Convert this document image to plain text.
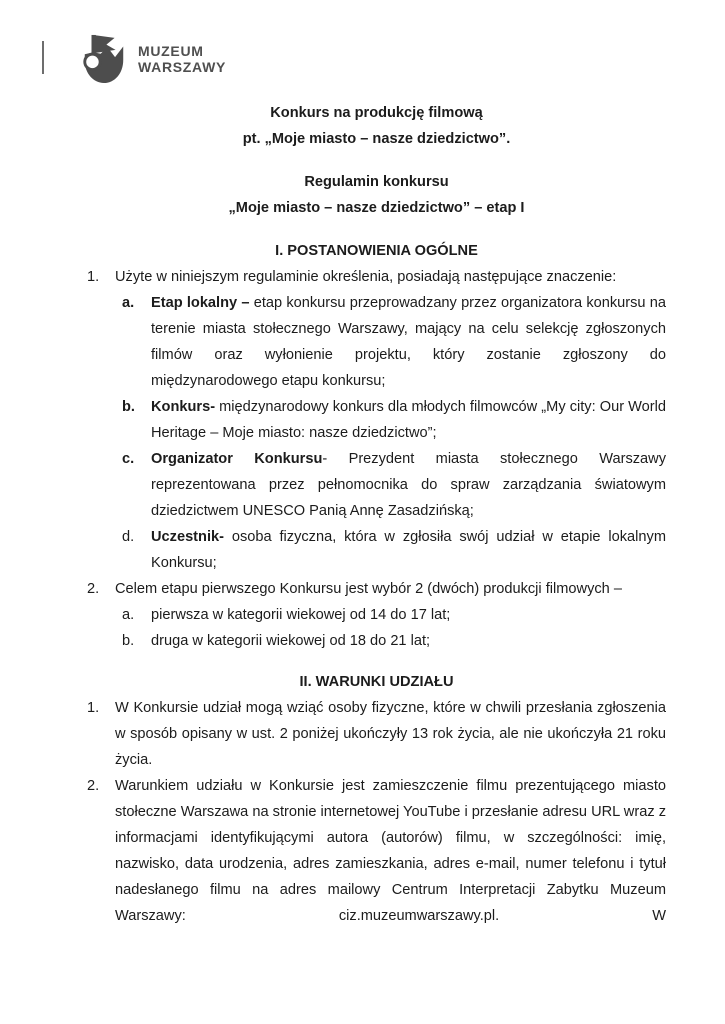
MUZEUM
WARSZAWY

Konkurs na produkcję filmową

pt. „Moje miasto – nasze dziedzictwo”.

Regulamin konkursu

„Moje miasto – nasze dziedzictwo” – etap I

I. POSTANOWIENIA OGÓLNE

1.	Użyte w niniejszym regulaminie określenia, posiadają następujące znaczenie:
a.	Etap lokalny – etap konkursu przeprowadzany przez organizatora konkursu na terenie miasta stołecznego Warszawy, mający na celu selekcję zgłoszonych filmów oraz wyłonienie projektu, który zostanie zgłoszony do międzynarodowego etapu konkursu;
b.	Konkurs- międzynarodowy konkurs dla młodych filmowców „My city: Our World Heritage – Moje miasto: nasze dziedzictwo”;
c.	Organizator Konkursu- Prezydent miasta stołecznego Warszawy reprezentowana przez pełnomocnika do spraw zarządzania światowym dziedzictwem UNESCO Panią Annę Zasadzińską;
d.	Uczestnik- osoba fizyczna, która w zgłosiła swój udział w etapie lokalnym Konkursu;
2.	Celem etapu pierwszego Konkursu jest wybór 2 (dwóch) produkcji filmowych –
a.	pierwsza w kategorii wiekowej od 14 do 17 lat;
b.	druga w kategorii wiekowej od 18 do 21 lat;

II. WARUNKI UDZIAŁU

1.	W Konkursie udział mogą wziąć osoby fizyczne, które w chwili przesłania zgłoszenia w sposób opisany w ust. 2 poniżej ukończyły 13 rok życia, ale nie ukończyła 21 roku życia.
2.	Warunkiem udziału w Konkursie jest zamieszczenie filmu prezentującego miasto stołeczne Warszawa na stronie internetowej YouTube i przesłanie adresu URL wraz z informacjami identyfikującymi autora (autorów) filmu, w szczególności: imię, nazwisko, data urodzenia, adres zamieszkania, adres e-mail, numer telefonu i tytuł nadesłanego filmu na adres mailowy Centrum Interpretacji Zabytku Muzeum Warszawy: ciz.muzeumwarszawy.pl. W
